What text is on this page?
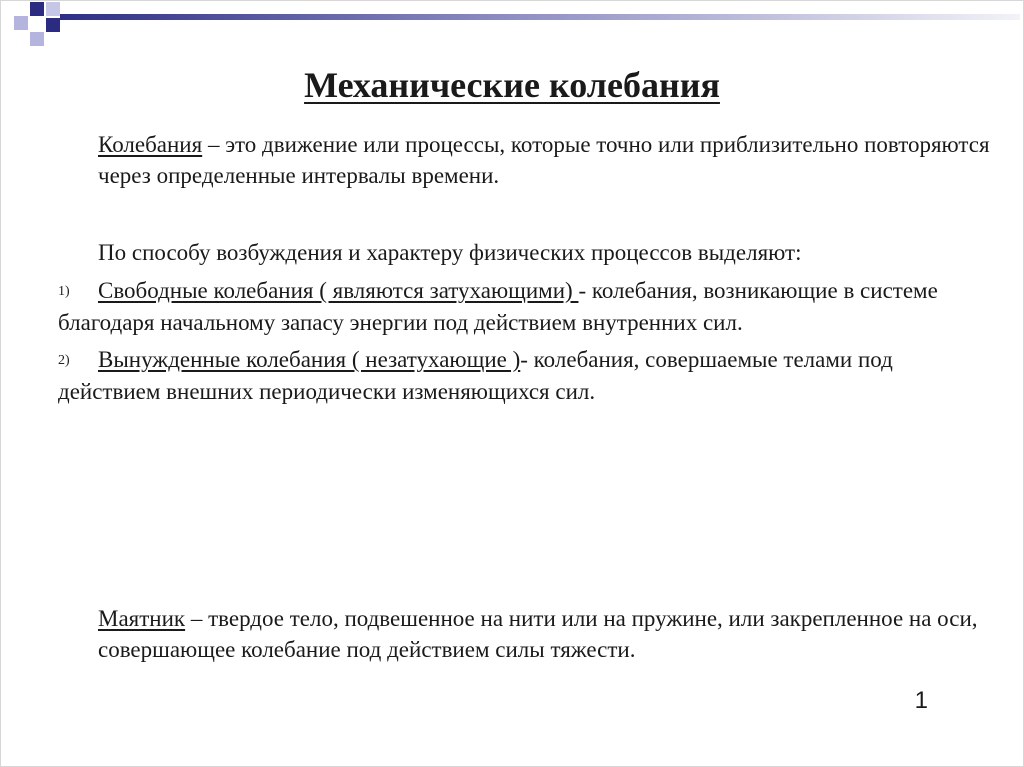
Механические колебания
Колебания – это движение или процессы, которые точно или приблизительно повторяются через определенные интервалы времени.
По способу возбуждения и характеру физических процессов выделяют:
1) Свободные колебания ( являются затухающими) - колебания, возникающие в системе благодаря начальному запасу энергии под действием внутренних сил.
2) Вынужденные колебания ( незатухающие )- колебания, совершаемые телами под действием внешних периодически изменяющихся сил.
Маятник – твердое тело, подвешенное на нити или на пружине, или закрепленное на оси, совершающее колебание под действием силы тяжести.
1
